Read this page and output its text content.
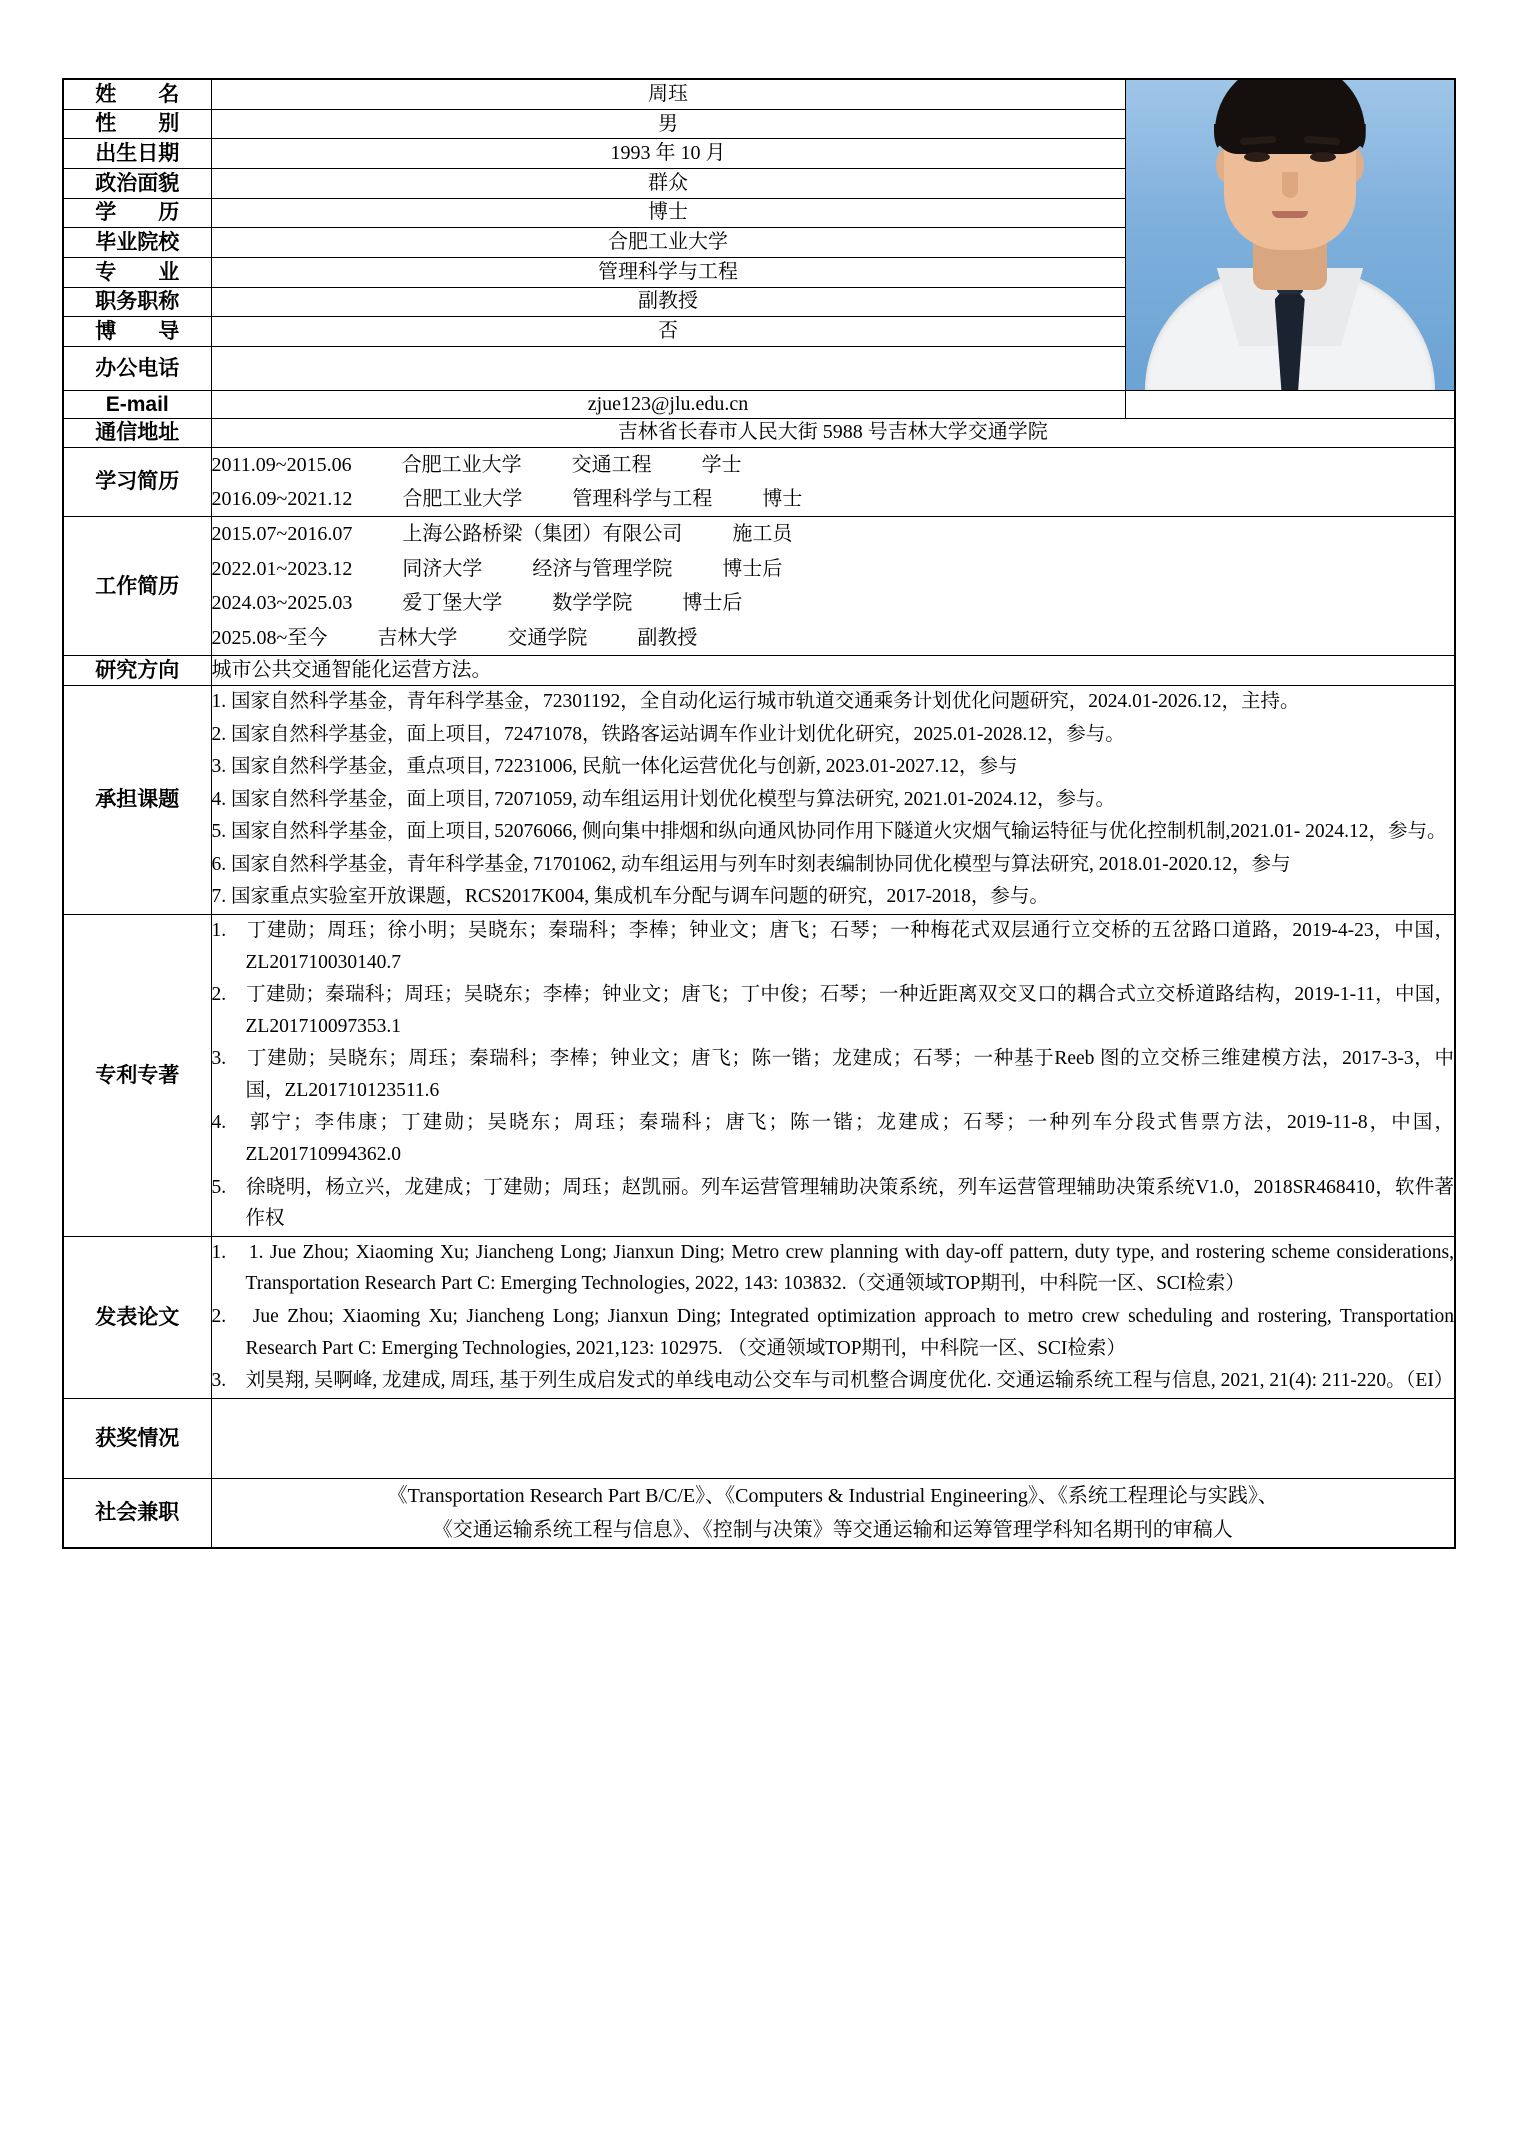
姓　　名	周珏	

性　　别	男	
出生日期	1993 年 10 月	
政治面貌	群众	
学　　历	博士	
毕业院校	合肥工业大学	
专　　业	管理科学与工程	
职务职称	副教授	
博　　导	否	
办公电话		
E-mail	zjue123@jlu.edu.cn	
通信地址	吉林省长春市人民大街 5988 号吉林大学交通学院	
学习简历	2011.09~2015.06          合肥工业大学          交通工程          学士
2016.09~2021.12          合肥工业大学          管理科学与工程          博士	

工作简历	2015.07~2016.07          上海公路桥梁（集团）有限公司          施工员
2022.01~2023.12          同济大学          经济与管理学院          博士后
2024.03~2025.03          爱丁堡大学          数学学院          博士后
2025.08~至今          吉林大学          交通学院          副教授	

研究方向	城市公共交通智能化运营方法。	
承担课题	
1. 国家自然科学基金，青年科学基金，72301192，全自动化运行城市轨道交通乘务计划优化问题研究，2024.01-2026.12，主持。
2. 国家自然科学基金，面上项目，72471078，铁路客运站调车作业计划优化研究，2025.01-2028.12，参与。
3. 国家自然科学基金，重点项目, 72231006, 民航一体化运营优化与创新, 2023.01-2027.12，参与
4. 国家自然科学基金，面上项目, 72071059, 动车组运用计划优化模型与算法研究, 2021.01-2024.12，参与。
5. 国家自然科学基金，面上项目, 52076066, 侧向集中排烟和纵向通风协同作用下隧道火灾烟气输运特征与优化控制机制,2021.01- 2024.12，参与。
6. 国家自然科学基金，青年科学基金, 71701062, 动车组运用与列车时刻表编制协同优化模型与算法研究, 2018.01-2020.12，参与
7. 国家重点实验室开放课题，RCS2017K004, 集成机车分配与调车问题的研究，2017-2018，参与。

专利专著	1.　丁建勋；周珏；徐小明；吴晓东；秦瑞科；李棒；钟业文；唐飞；石琴；一种梅花式双层通行立交桥的五岔路口道路，2019-4-23，中国，ZL201710030140.7
2.　丁建勋；秦瑞科；周珏；吴晓东；李棒；钟业文；唐飞；丁中俊；石琴；一种近距离双交叉口的耦合式立交桥道路结构，2019-1-11，中国，ZL201710097353.1
3.　丁建勋；吴晓东；周珏；秦瑞科；李棒；钟业文；唐飞；陈一锴；龙建成；石琴；一种基于Reeb 图的立交桥三维建模方法，2017-3-3，中国，ZL201710123511.6
4.　郭宁；李伟康；丁建勋；吴晓东；周珏；秦瑞科；唐飞；陈一锴；龙建成；石琴；一种列车分段式售票方法，2019-11-8，中国，ZL201710994362.0
5.　徐晓明，杨立兴，龙建成；丁建勋；周珏；赵凯丽。列车运营管理辅助决策系统，列车运营管理辅助决策系统V1.0，2018SR468410，软件著作权	

发表论文	1.　1. Jue Zhou; Xiaoming Xu; Jiancheng Long; Jianxun Ding; Metro crew planning with day-off pattern, duty type, and rostering scheme considerations, Transportation Research Part C: Emerging Technologies, 2022, 143: 103832.（交通领域TOP期刊，中科院一区、SCI检索）
2.　Jue Zhou; Xiaoming Xu; Jiancheng Long; Jianxun Ding; Integrated optimization approach to metro crew scheduling and rostering, Transportation Research Part C: Emerging Technologies, 2021,123: 102975. （交通领域TOP期刊，中科院一区、SCI检索）
3.　刘昊翔, 吴啊峰, 龙建成, 周珏, 基于列生成启发式的单线电动公交车与司机整合调度优化. 交通运输系统工程与信息, 2021, 21(4): 211-220。（EI）	

获奖情况		
社会兼职	《Transportation Research Part B/C/E》、《Computers & Industrial Engineering》、《系统工程理论与实践》、
《交通运输系统工程与信息》、《控制与决策》等交通运输和运筹管理学科知名期刊的审稿人	
